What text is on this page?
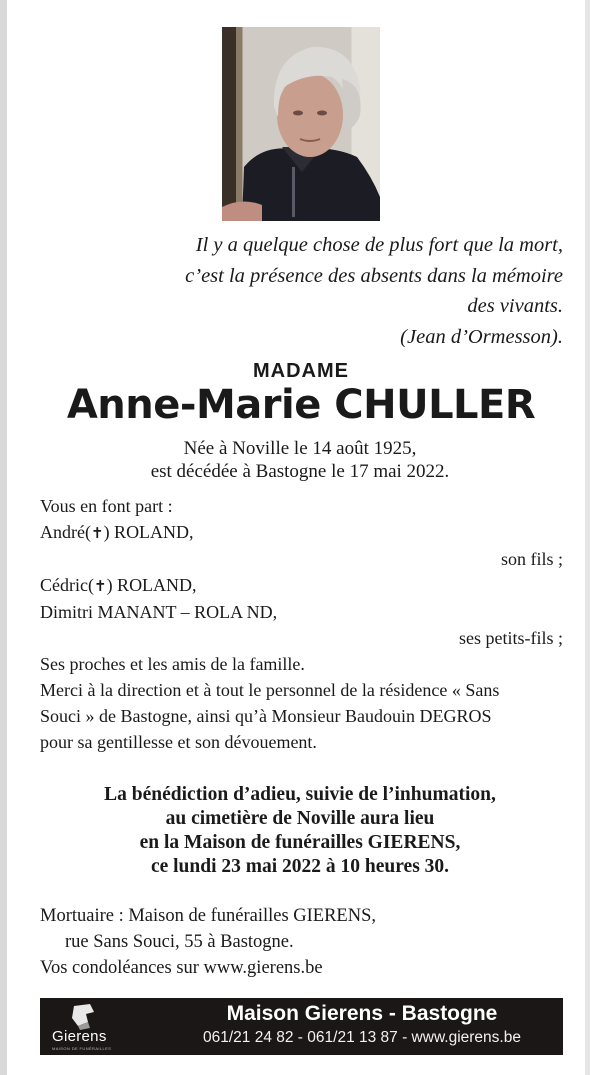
Il y a quelque chose de plus fort que la mort,
c’est la présence des absents dans la mémoire
des vivants.
(Jean d’Ormesson).
MADAME
Anne-Marie CHULLER
Née à Noville le 14 août 1925,
est décédée à Bastogne le 17 mai 2022.
Vous en font part :
André(✝) ROLAND,
son fils ;
Cédric(✝) ROLAND,
Dimitri MANANT – ROLA ND,
ses petits-fils ;
Ses proches et les amis de la famille.
Merci à la direction et à tout le personnel de la résidence « Sans
Souci » de Bastogne, ainsi qu’à Monsieur Baudouin DEGROS
pour sa gentillesse et son dévouement.
La bénédiction d’adieu, suivie de l’inhumation,
au cimetière de Noville aura lieu
en la Maison de funérailles GIERENS,
ce lundi 23 mai 2022 à 10 heures 30.
Mortuaire : Maison de funérailles GIERENS,
rue Sans Souci, 55 à Bastogne.
Vos condoléances sur www.gierens.be
Gierens
MAISON DE FUNÉRAILLES
Maison Gierens - Bastogne
061/21 24 82 - 061/21 13 87 - www.gierens.be
